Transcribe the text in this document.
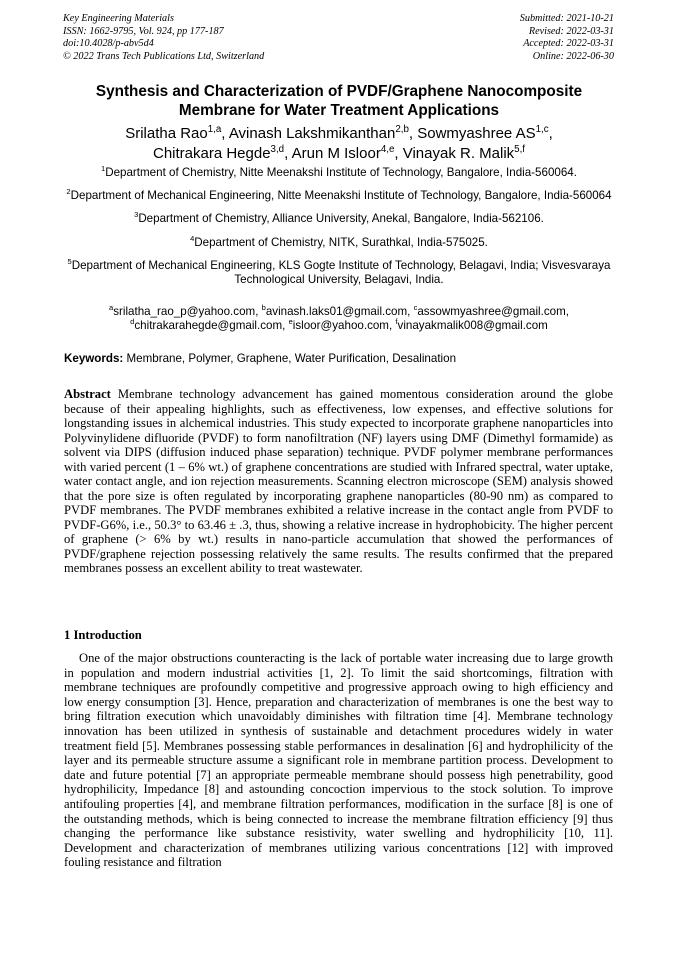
Key Engineering Materials
ISSN: 1662-9795, Vol. 924, pp 177-187
doi:10.4028/p-abv5d4
© 2022 Trans Tech Publications Ltd, Switzerland
Submitted: 2021-10-21
Revised: 2022-03-31
Accepted: 2022-03-31
Online: 2022-06-30
Synthesis and Characterization of PVDF/Graphene Nanocomposite
Membrane for Water Treatment Applications
Srilatha Rao$^{1,a}$, Avinash Lakshmikanthan$^{2,b}$, Sowmyashree AS$^{1,c}$,
Chitrakara Hegde$^{3,d}$, Arun M Isloor$^{4,e}$, Vinayak R. Malik$^{5,f}$
$^1$Department of Chemistry, Nitte Meenakshi Institute of Technology, Bangalore, India-560064.
$^2$Department of Mechanical Engineering, Nitte Meenakshi Institute of Technology, Bangalore, India-560064
$^3$Department of Chemistry, Alliance University, Anekal, Bangalore, India-562106.
$^4$Department of Chemistry, NITK, Surathkal, India-575025.
$^5$Department of Mechanical Engineering, KLS Gogte Institute of Technology, Belagavi, India; Visvesvaraya Technological University, Belagavi, India.
$^a$srilatha_rao_p@yahoo.com, $^b$avinash.laks01@gmail.com, $^c$assowmyashree@gmail.com,
$^d$chitrakarahegde@gmail.com, $^e$isloor@yahoo.com, $^f$vinayakmalik008@gmail.com
Keywords: Membrane, Polymer, Graphene, Water Purification, Desalination
Abstract Membrane technology advancement has gained momentous consideration around the globe because of their appealing highlights, such as effectiveness, low expenses, and effective solutions for longstanding issues in alchemical industries. This study expected to incorporate graphene nanoparticles into Polyvinylidene difluoride (PVDF) to form nanofiltration (NF) layers using DMF (Dimethyl formamide) as solvent via DIPS (diffusion induced phase separation) technique. PVDF polymer membrane performances with varied percent (1 – 6% wt.) of graphene concentrations are studied with Infrared spectral, water uptake, water contact angle, and ion rejection measurements. Scanning electron microscope (SEM) analysis showed that the pore size is often regulated by incorporating graphene nanoparticles (80-90 nm) as compared to PVDF membranes. The PVDF membranes exhibited a relative increase in the contact angle from PVDF to PVDF-G6%, i.e., 50.3° to 63.46 ± .3, thus, showing a relative increase in hydrophobicity. The higher percent of graphene (> 6% by wt.) results in nano-particle accumulation that showed the performances of PVDF/graphene rejection possessing relatively the same results. The results confirmed that the prepared membranes possess an excellent ability to treat wastewater.
1 Introduction
One of the major obstructions counteracting is the lack of portable water increasing due to large growth in population and modern industrial activities [1, 2]. To limit the said shortcomings, filtration with membrane techniques are profoundly competitive and progressive approach owing to high efficiency and low energy consumption [3]. Hence, preparation and characterization of membranes is one the best way to bring filtration execution which unavoidably diminishes with filtration time [4]. Membrane technology innovation has been utilized in synthesis of sustainable and detachment procedures widely in water treatment field [5]. Membranes possessing stable performances in desalination [6] and hydrophilicity of the layer and its permeable structure assume a significant role in membrane partition process. Development to date and future potential [7] an appropriate permeable membrane should possess high penetrability, good hydrophilicity, Impedance [8] and astounding concoction impervious to the stock solution. To improve antifouling properties [4], and membrane filtration performances, modification in the surface [8] is one of the outstanding methods, which is being connected to increase the membrane filtration efficiency [9] thus changing the performance like substance resistivity, water swelling and hydrophilicity [10, 11]. Development and characterization of membranes utilizing various concentrations [12] with improved fouling resistance and filtration
